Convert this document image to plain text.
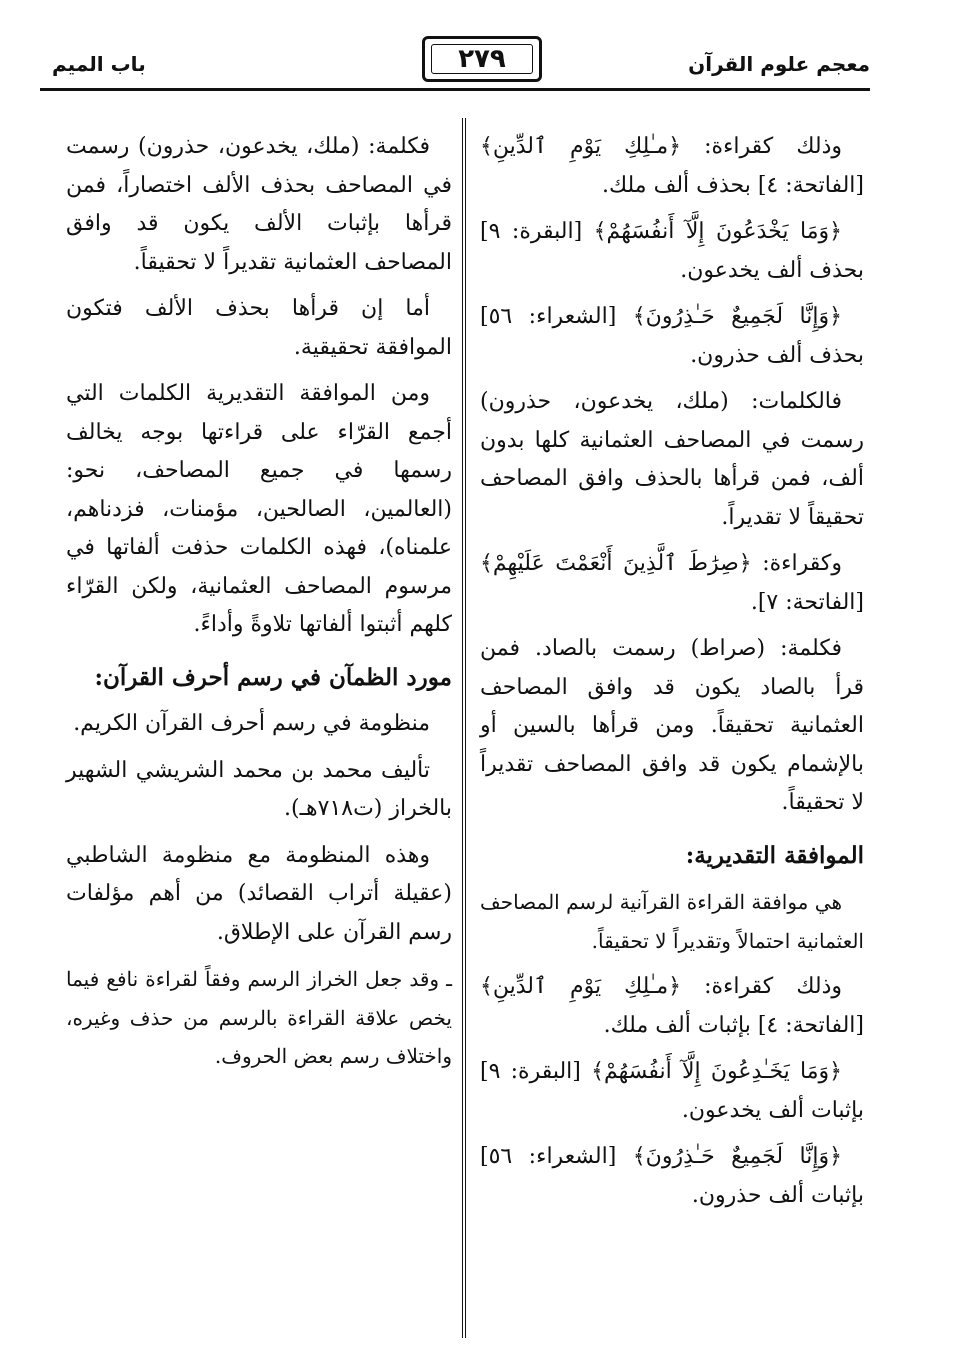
معجم علوم القرآن
٢٧٩
باب الميم

وذلك كقراءة: ﴿مـٰلِكِ يَوْمِ ٱلدِّينِ﴾ [الفاتحة: ٤] بحذف ألف ملك.

﴿وَمَا يَخْدَعُونَ إِلَّآ أَنفُسَهُمْ﴾ [البقرة: ٩] بحذف ألف يخدعون.

﴿وَإِنَّا لَجَمِيعٌ حَـٰذِرُونَ﴾ [الشعراء: ٥٦] بحذف ألف حذرون.

فالكلمات: (ملك، يخدعون، حذرون) رسمت في المصاحف العثمانية كلها بدون ألف، فمن قرأها بالحذف وافق المصاحف تحقيقاً لا تقديراً.

وكقراءة: ﴿صِرَٰطَ ٱلَّذِينَ أَنْعَمْتَ عَلَيْهِمْ﴾ [الفاتحة: ٧].

فكلمة: (صراط) رسمت بالصاد. فمن قرأ بالصاد يكون قد وافق المصاحف العثمانية تحقيقاً. ومن قرأها بالسين أو بالإشمام يكون قد وافق المصاحف تقديراً لا تحقيقاً.

الموافقة التقديرية:

هي موافقة القراءة القرآنية لرسم المصاحف العثمانية احتمالاً وتقديراً لا تحقيقاً.

وذلك كقراءة: ﴿مـٰلِكِ يَوْمِ ٱلدِّينِ﴾ [الفاتحة: ٤] بإثبات ألف ملك.

﴿وَمَا يَخَـٰدِعُونَ إِلَّآ أَنفُسَهُمْ﴾ [البقرة: ٩] بإثبات ألف يخدعون.

﴿وَإِنَّا لَجَمِيعٌ حَـٰذِرُونَ﴾ [الشعراء: ٥٦] بإثبات ألف حذرون.

فكلمة: (ملك، يخدعون، حذرون) رسمت في المصاحف بحذف الألف اختصاراً، فمن قرأها بإثبات الألف يكون قد وافق المصاحف العثمانية تقديراً لا تحقيقاً.

أما إن قرأها بحذف الألف فتكون الموافقة تحقيقية.

ومن الموافقة التقديرية الكلمات التي أجمع القرّاء على قراءتها بوجه يخالف رسمها في جميع المصاحف، نحو: (العالمين، الصالحين، مؤمنات، فزدناهم، علمناه)، فهذه الكلمات حذفت ألفاتها في مرسوم المصاحف العثمانية، ولكن القرّاء كلهم أثبتوا ألفاتها تلاوةً وأداءً.

مورد الظمآن في رسم أحرف القرآن:

منظومة في رسم أحرف القرآن الكريم.

تأليف محمد بن محمد الشريشي الشهير بالخراز (ت٧١٨هـ).

وهذه المنظومة مع منظومة الشاطبي (عقيلة أتراب القصائد) من أهم مؤلفات رسم القرآن على الإطلاق.

ـ وقد جعل الخراز الرسم وفقاً لقراءة نافع فيما يخص علاقة القراءة بالرسم من حذف وغيره، واختلاف رسم بعض الحروف.
